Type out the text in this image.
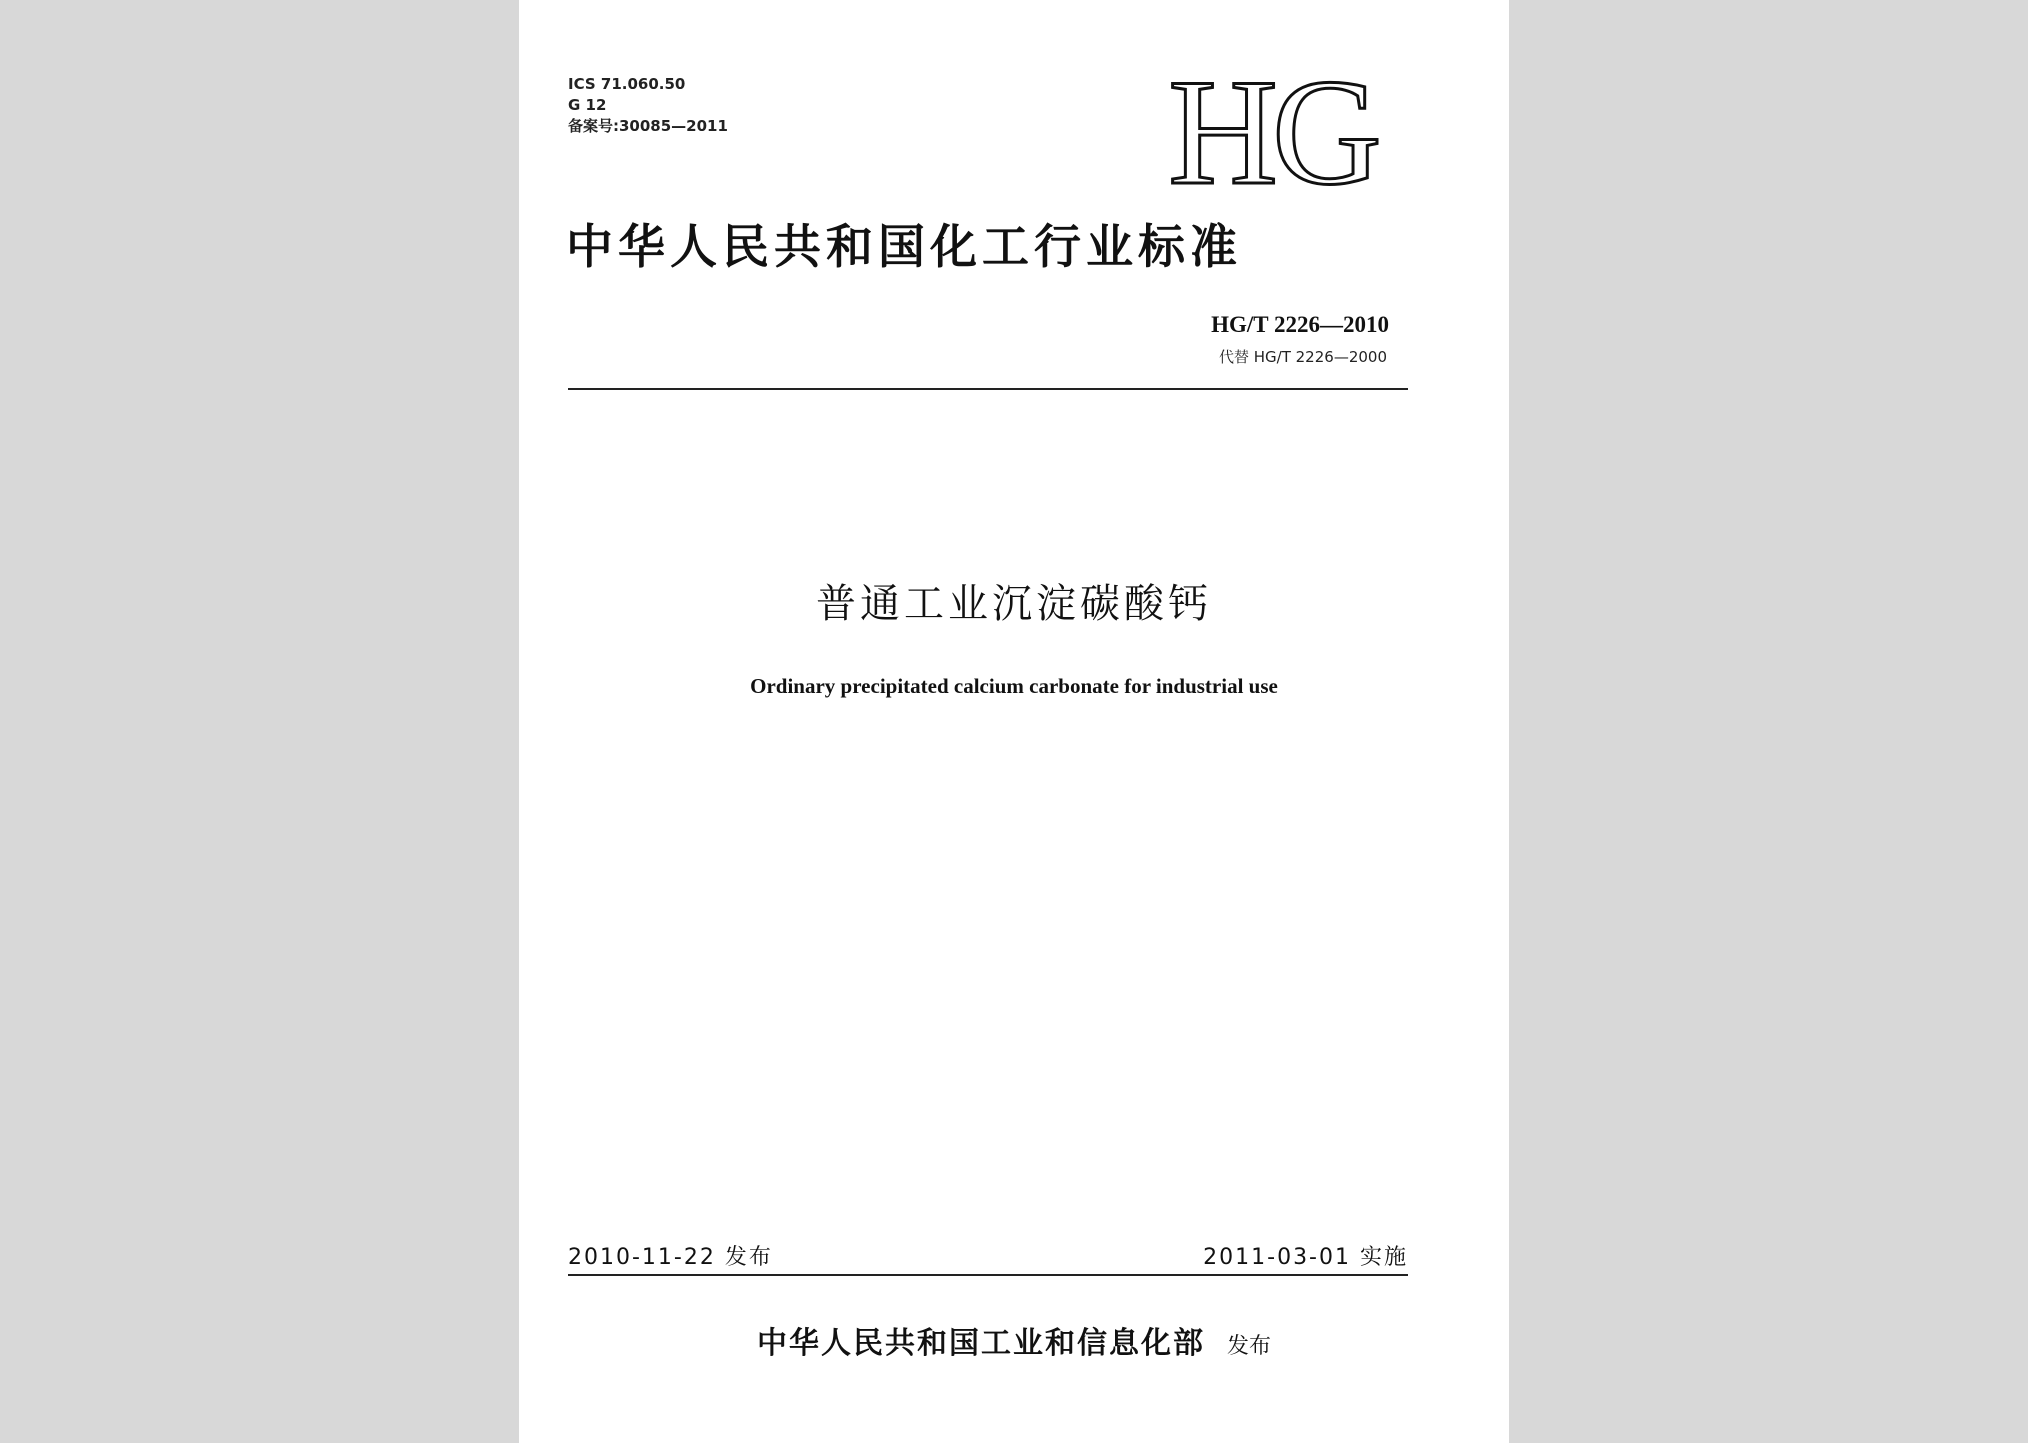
ICS 71.060.50
G 12
备案号:30085—2011	HG
中华人民共和国化工行业标准
HG/T 2226—2010
代替 HG/T 2226—2000
普通工业沉淀碳酸钙
Ordinary precipitated calcium carbonate for industrial use
2010-11-22 发布	2011-03-01 实施
中华人民共和国工业和信息化部 发布
